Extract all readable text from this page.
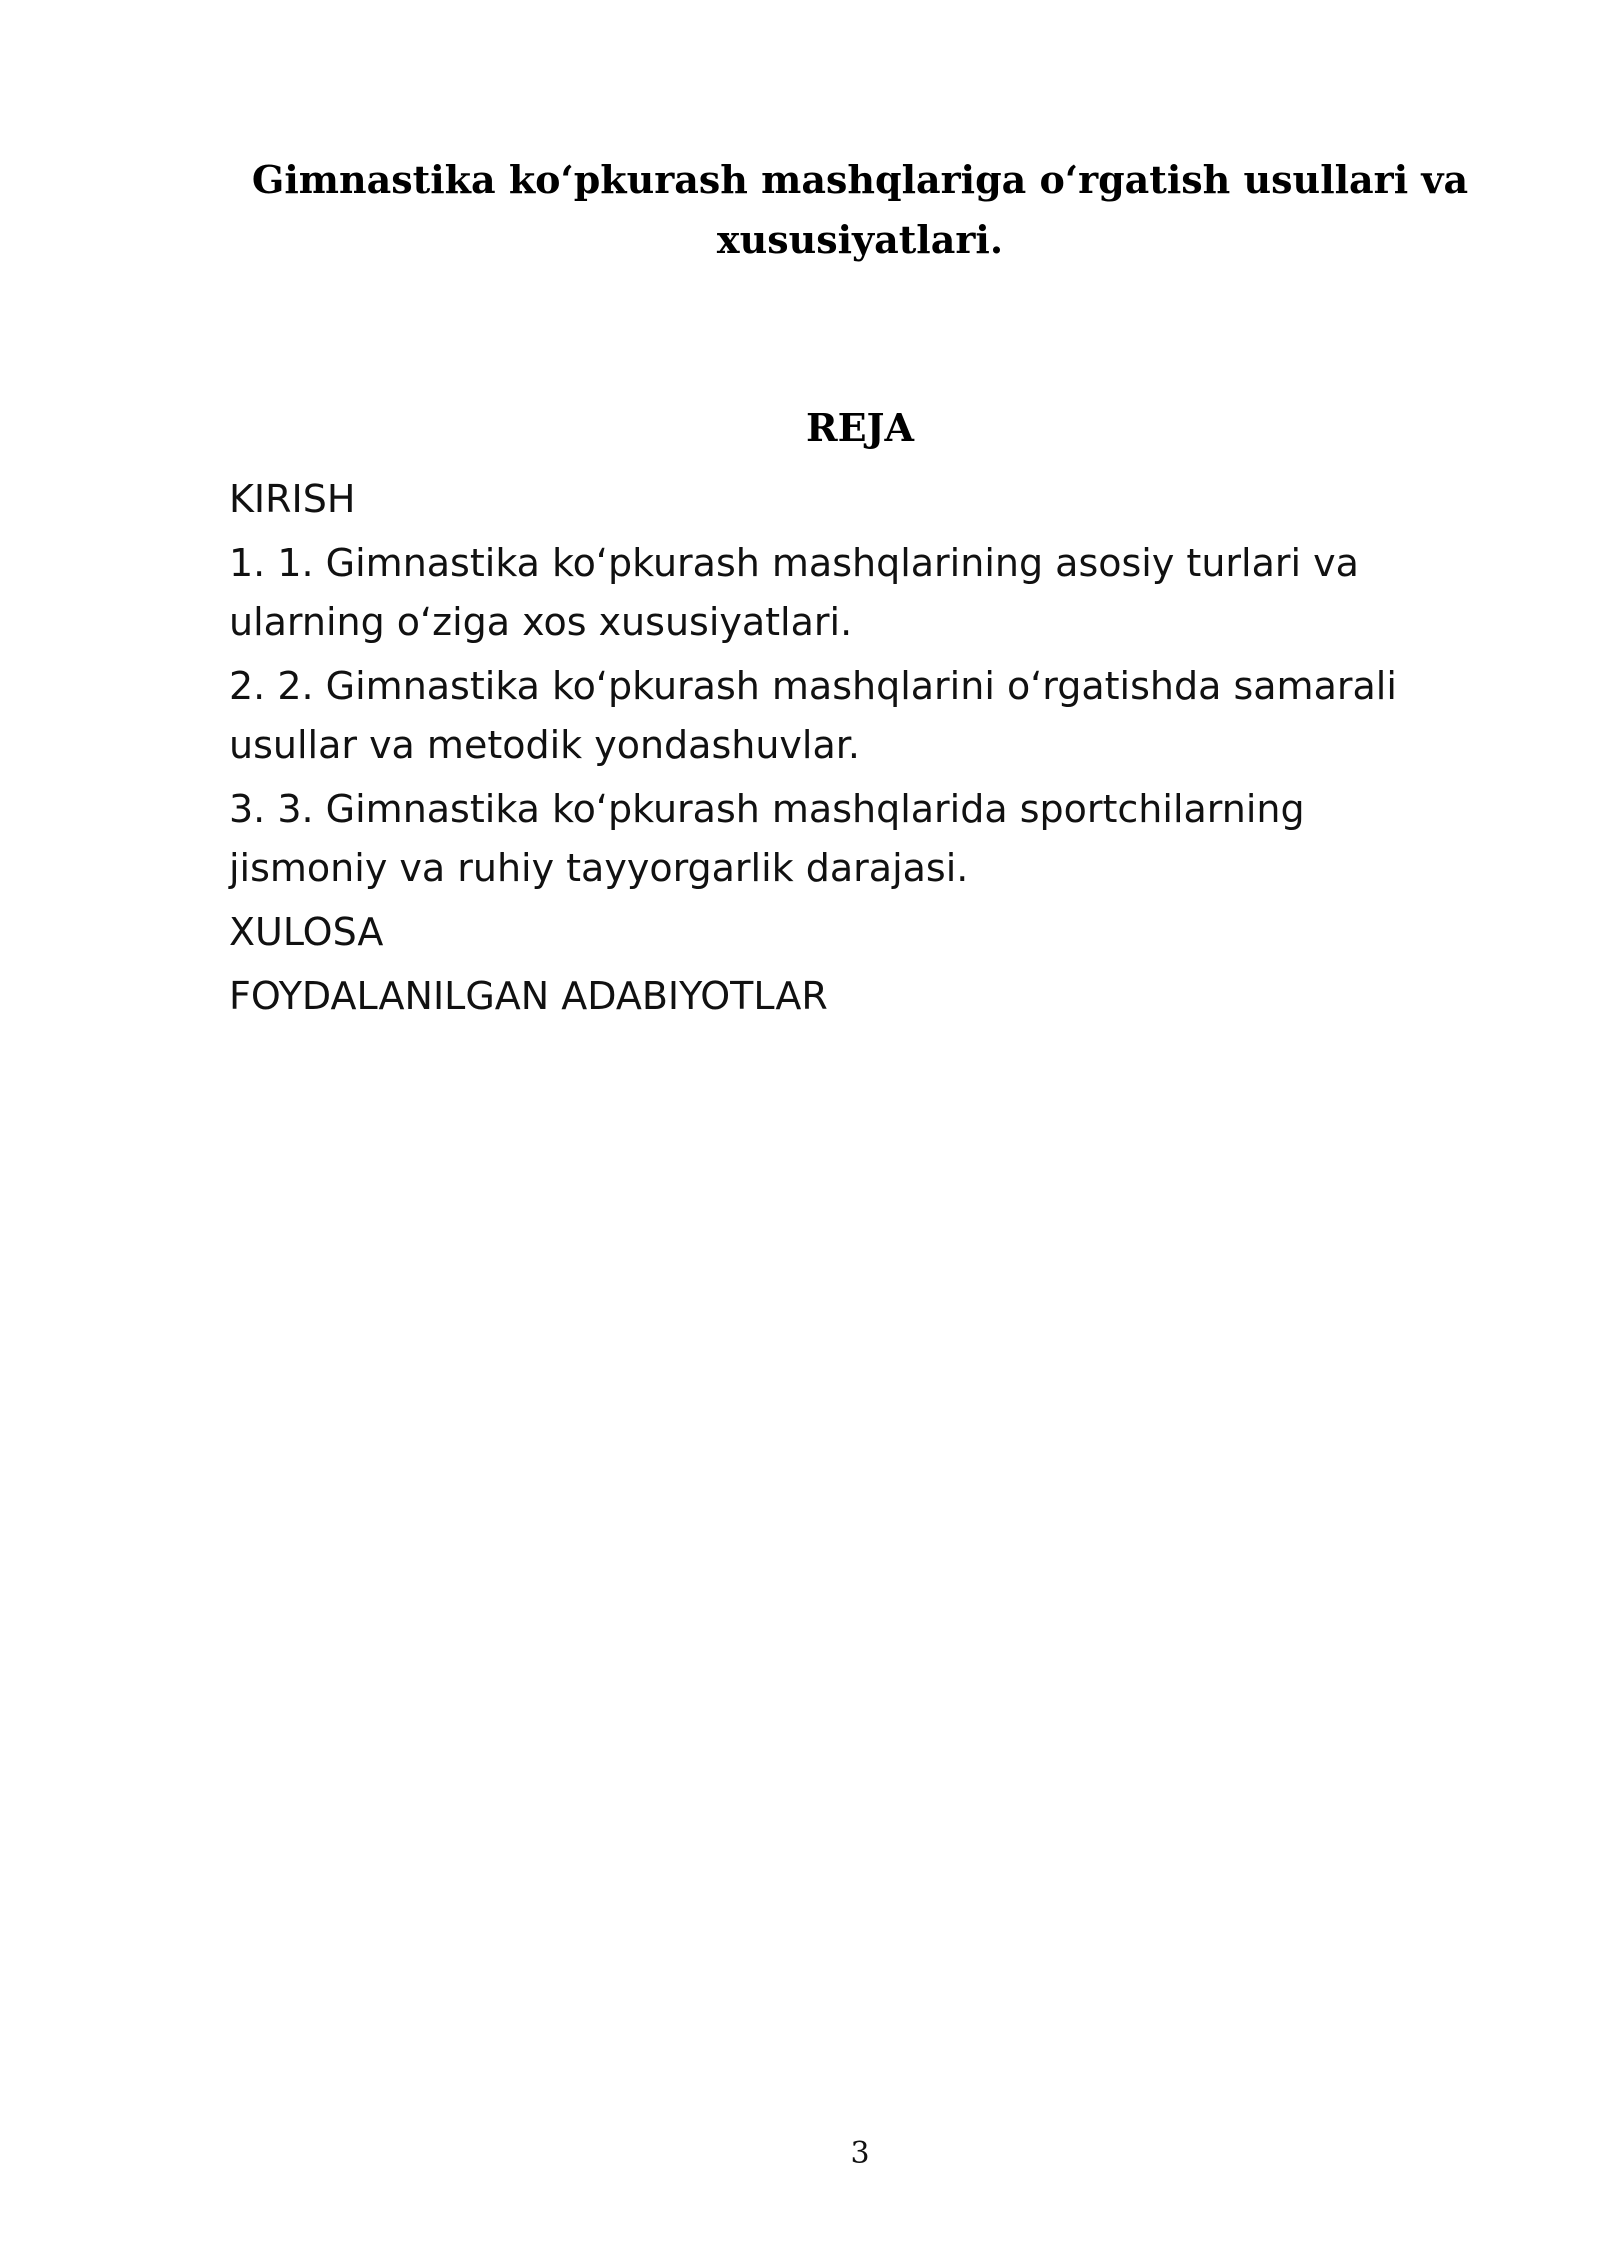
Gimnastika ko‘pkurash mashqlariga o‘rgatish usullari va
xususiyatlari.
REJA
KIRISH
1. 1. Gimnastika ko‘pkurash mashqlarining asosiy turlari va
ularning o‘ziga xos xususiyatlari.
2. 2. Gimnastika ko‘pkurash mashqlarini o‘rgatishda samarali
usullar va metodik yondashuvlar.
3. 3. Gimnastika ko‘pkurash mashqlarida sportchilarning
jismoniy va ruhiy tayyorgarlik darajasi.
XULOSA
FOYDALANILGAN ADABIYOTLAR
3
